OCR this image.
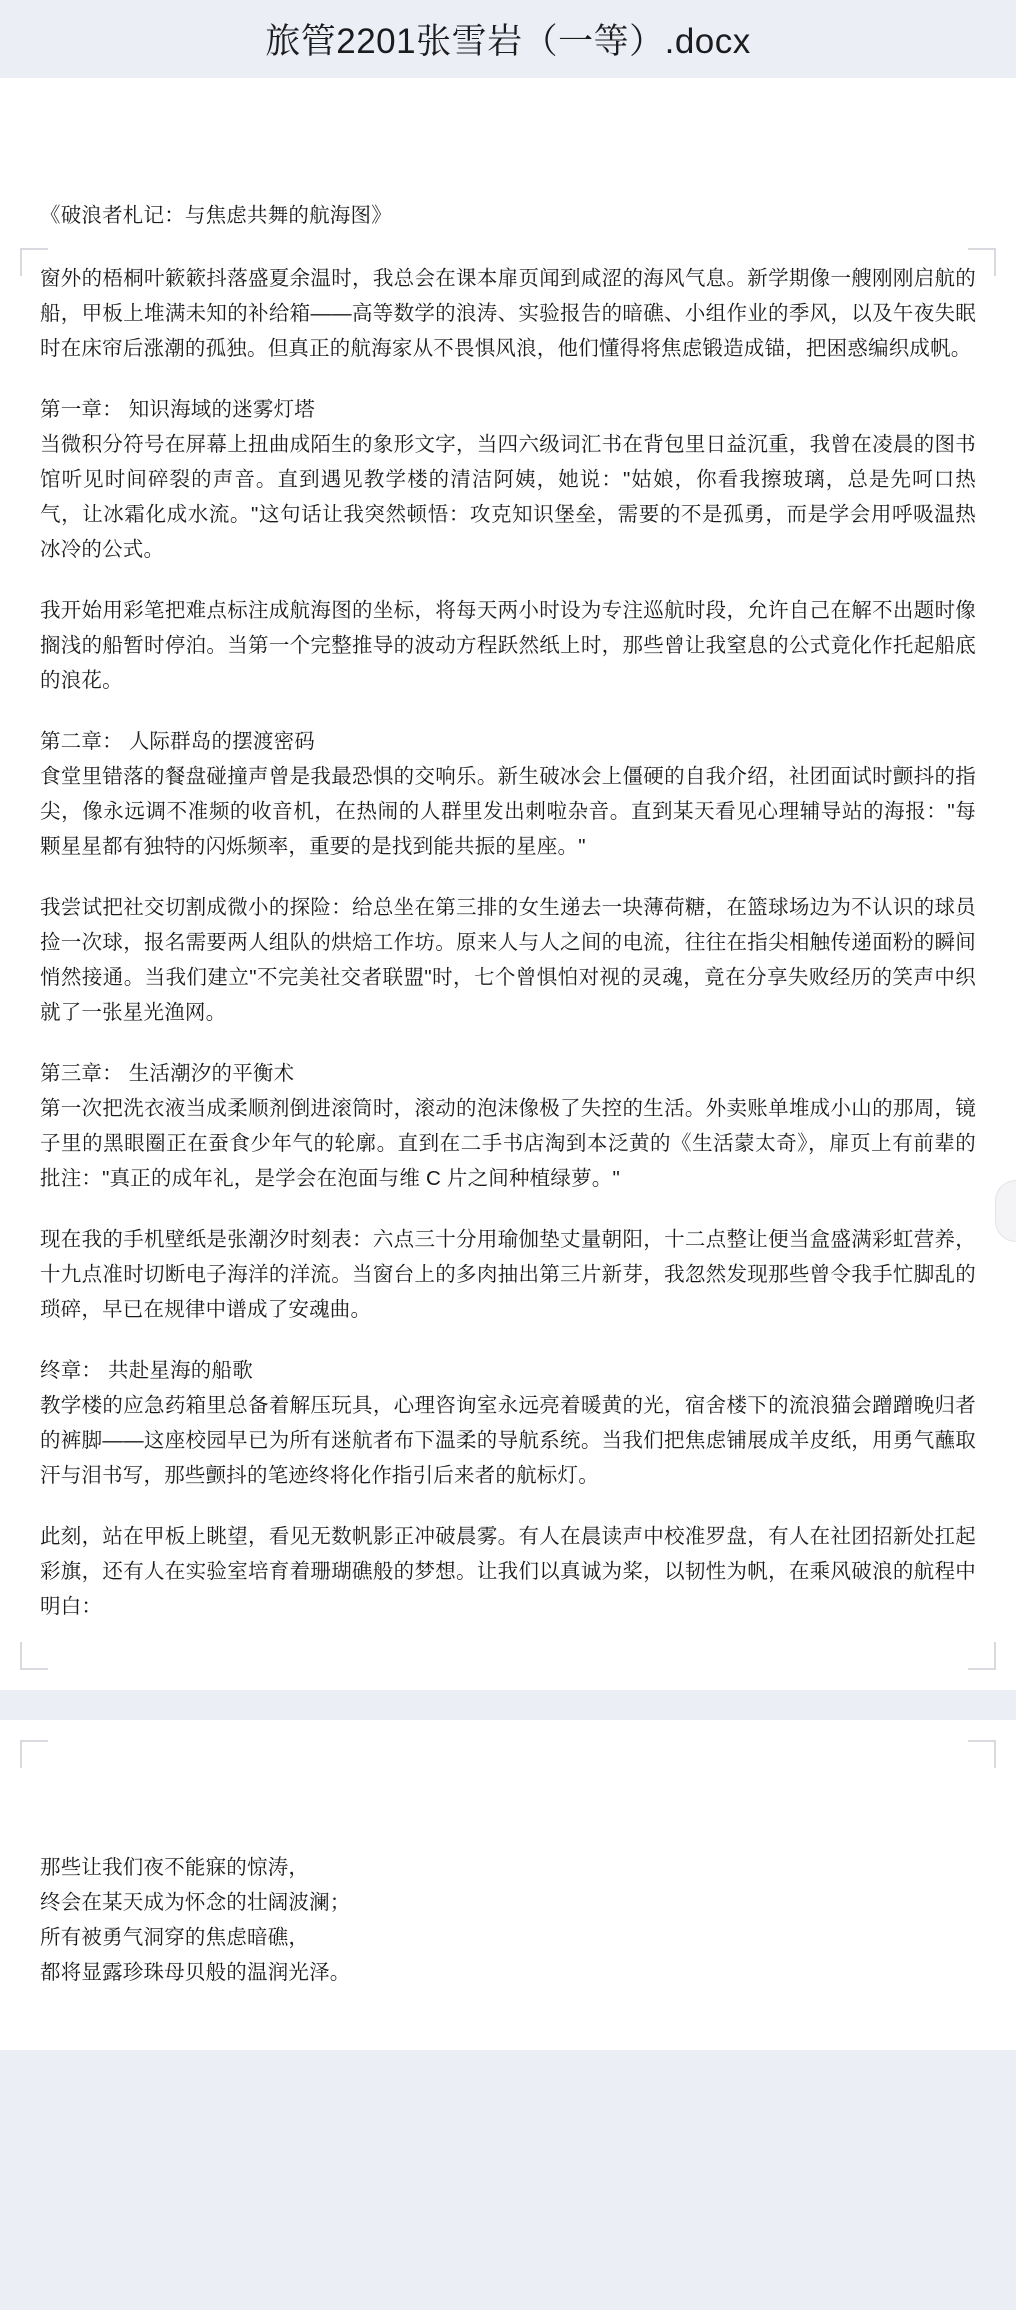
旅管2201张雪岩（一等）.docx

《破浪者札记：与焦虑共舞的航海图》

窗外的梧桐叶簌簌抖落盛夏余温时，我总会在课本扉页闻到咸涩的海风气息。新学期像一艘刚刚启航的船，甲板上堆满未知的补给箱——高等数学的浪涛、实验报告的暗礁、小组作业的季风，以及午夜失眠时在床帘后涨潮的孤独。但真正的航海家从不畏惧风浪，他们懂得将焦虑锻造成锚，把困惑编织成帆。

第一章： 知识海域的迷雾灯塔

当微积分符号在屏幕上扭曲成陌生的象形文字，当四六级词汇书在背包里日益沉重，我曾在凌晨的图书馆听见时间碎裂的声音。直到遇见教学楼的清洁阿姨，她说："姑娘，你看我擦玻璃，总是先呵口热气，让冰霜化成水流。"这句话让我突然顿悟：攻克知识堡垒，需要的不是孤勇，而是学会用呼吸温热冰冷的公式。

我开始用彩笔把难点标注成航海图的坐标，将每天两小时设为专注巡航时段，允许自己在解不出题时像搁浅的船暂时停泊。当第一个完整推导的波动方程跃然纸上时，那些曾让我窒息的公式竟化作托起船底的浪花。

第二章： 人际群岛的摆渡密码

食堂里错落的餐盘碰撞声曾是我最恐惧的交响乐。新生破冰会上僵硬的自我介绍，社团面试时颤抖的指尖，像永远调不准频的收音机，在热闹的人群里发出刺啦杂音。直到某天看见心理辅导站的海报："每颗星星都有独特的闪烁频率，重要的是找到能共振的星座。"

我尝试把社交切割成微小的探险：给总坐在第三排的女生递去一块薄荷糖，在篮球场边为不认识的球员捡一次球，报名需要两人组队的烘焙工作坊。原来人与人之间的电流，往往在指尖相触传递面粉的瞬间悄然接通。当我们建立"不完美社交者联盟"时，七个曾惧怕对视的灵魂，竟在分享失败经历的笑声中织就了一张星光渔网。

第三章： 生活潮汐的平衡术

第一次把洗衣液当成柔顺剂倒进滚筒时，滚动的泡沫像极了失控的生活。外卖账单堆成小山的那周，镜子里的黑眼圈正在蚕食少年气的轮廓。直到在二手书店淘到本泛黄的《生活蒙太奇》，扉页上有前辈的批注："真正的成年礼，是学会在泡面与维 C 片之间种植绿萝。"

现在我的手机壁纸是张潮汐时刻表：六点三十分用瑜伽垫丈量朝阳，十二点整让便当盒盛满彩虹营养，十九点准时切断电子海洋的洋流。当窗台上的多肉抽出第三片新芽，我忽然发现那些曾令我手忙脚乱的琐碎，早已在规律中谱成了安魂曲。

终章： 共赴星海的船歌

教学楼的应急药箱里总备着解压玩具，心理咨询室永远亮着暖黄的光，宿舍楼下的流浪猫会蹭蹭晚归者的裤脚——这座校园早已为所有迷航者布下温柔的导航系统。当我们把焦虑铺展成羊皮纸，用勇气蘸取汗与泪书写，那些颤抖的笔迹终将化作指引后来者的航标灯。

此刻，站在甲板上眺望，看见无数帆影正冲破晨雾。有人在晨读声中校准罗盘，有人在社团招新处扛起彩旗，还有人在实验室培育着珊瑚礁般的梦想。让我们以真诚为桨，以韧性为帆，在乘风破浪的航程中明白：

那些让我们夜不能寐的惊涛，

终会在某天成为怀念的壮阔波澜；

所有被勇气洞穿的焦虑暗礁，

都将显露珍珠母贝般的温润光泽。
